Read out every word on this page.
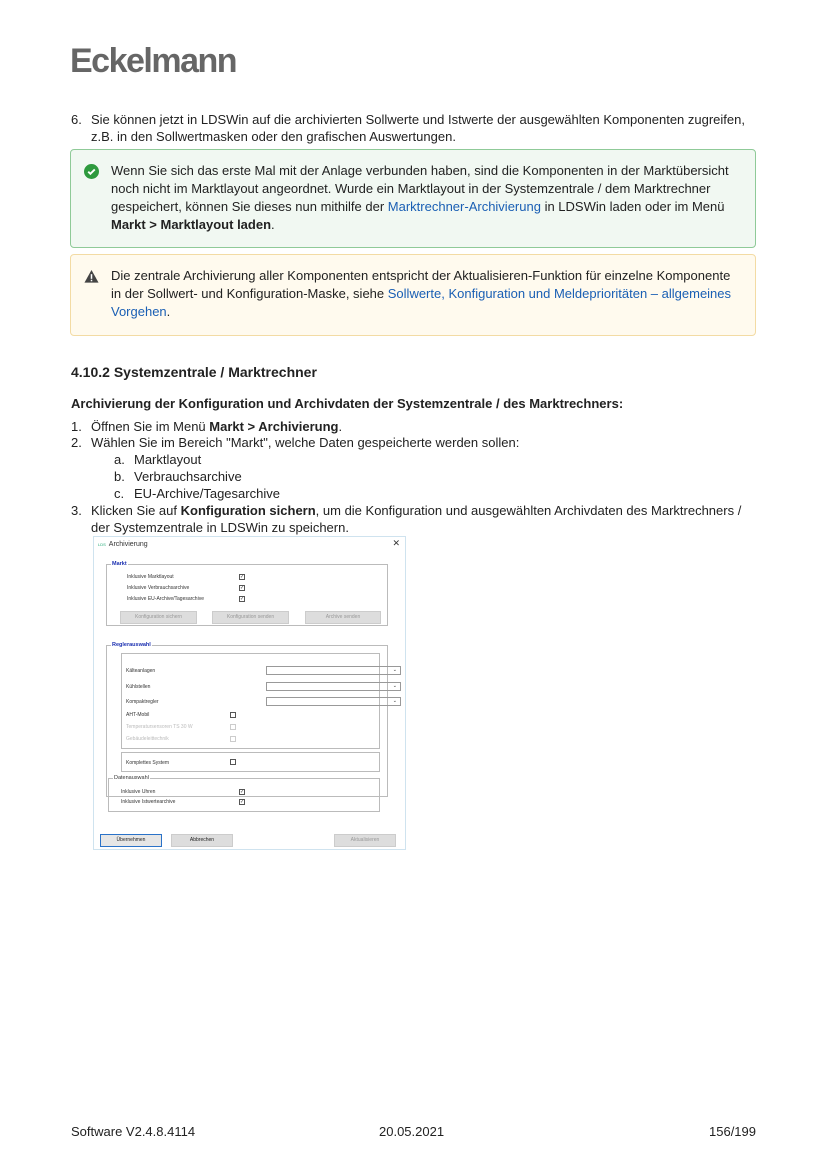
Eckelmann
6. Sie können jetzt in LDSWin auf die archivierten Sollwerte und Istwerte der ausgewählten Komponenten zugreifen, z.B. in den Sollwertmasken oder den grafischen Auswertungen.
Wenn Sie sich das erste Mal mit der Anlage verbunden haben, sind die Komponenten in der Marktübersicht noch nicht im Marktlayout angeordnet. Wurde ein Marktlayout in der Systemzentrale / dem Marktrechner gespeichert, können Sie dieses nun mithilfe der Marktrechner-Archivierung in LDSWin laden oder im Menü Markt > Marktlayout laden.
Die zentrale Archivierung aller Komponenten entspricht der Aktualisieren-Funktion für einzelne Komponente in der Sollwert- und Konfiguration-Maske, siehe Sollwerte, Konfiguration und Meldeprioritäten – allgemeines Vorgehen.
4.10.2 Systemzentrale / Marktrechner
Archivierung der Konfiguration und Archivdaten der Systemzentrale / des Marktrechners:
1. Öffnen Sie im Menü Markt > Archivierung.
2. Wählen Sie im Bereich "Markt", welche Daten gespeicherte werden sollen:
a. Marktlayout
b. Verbrauchsarchive
c. EU-Archive/Tagesarchive
3. Klicken Sie auf Konfiguration sichern, um die Konfiguration und ausgewählten Archivdaten des Marktrechners / der Systemzentrale in LDSWin zu speichern.
LDS Archivierung	✕
Markt
Inklusive Marktlayout	✓
Inklusive Verbrauchsarchive	✓
Inklusive EU-Archive/Tagesarchive	✓
Konfiguration sichern	Konfiguration senden	Archive senden
Reglerauswahl
Kälteanlagen	⌄
Kühlstellen	⌄
Kompaktregler	⌄
AHT-Mobil
Temperatursensoren TS 30 W
Gebäudeleittechnik
Komplettes System
Datenauswahl
Inklusive Uhren	✓
Inklusive Istwertearchive	✓
Übernehmen	Abbrechen	Aktualisieren
Software V2.4.8.4114	20.05.2021	156/199
